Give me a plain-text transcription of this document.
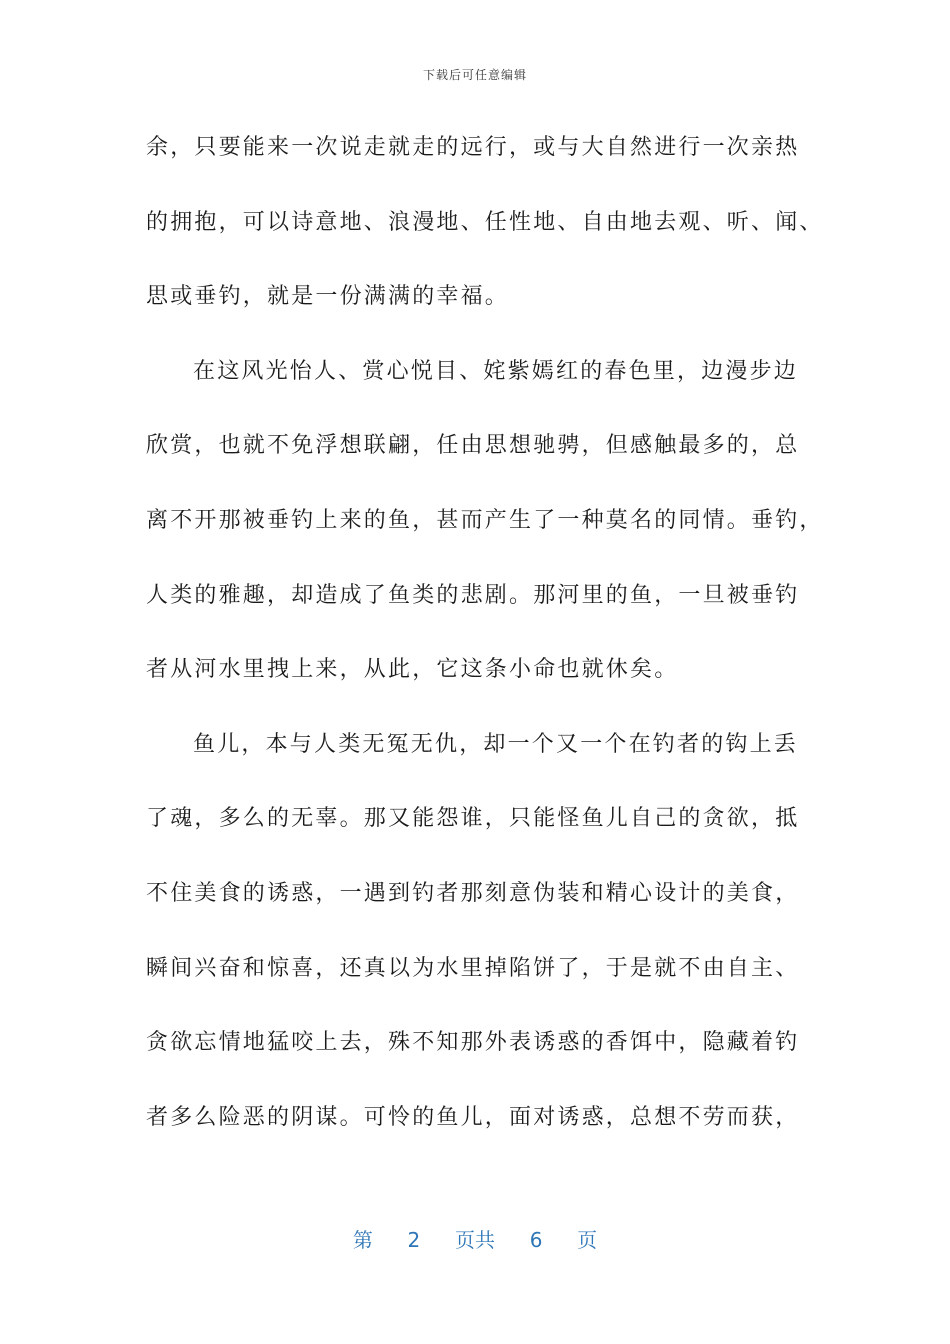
下载后可任意编辑
余，只要能来一次说走就走的远行，或与大自然进行一次亲热
的拥抱，可以诗意地、浪漫地、任性地、自由地去观、听、闻、
思或垂钓，就是一份满满的幸福。
在这风光怡人、赏心悦目、姹紫嫣红的春色里，边漫步边
欣赏，也就不免浮想联翩，任由思想驰骋，但感触最多的，总
离不开那被垂钓上来的鱼，甚而产生了一种莫名的同情。垂钓，
人类的雅趣，却造成了鱼类的悲剧。那河里的鱼，一旦被垂钓
者从河水里拽上来，从此，它这条小命也就休矣。
鱼儿，本与人类无冤无仇，却一个又一个在钓者的钩上丢
了魂，多么的无辜。那又能怨谁，只能怪鱼儿自己的贪欲，抵
不住美食的诱惑，一遇到钓者那刻意伪装和精心设计的美食，
瞬间兴奋和惊喜，还真以为水里掉陷饼了，于是就不由自主、
贪欲忘情地猛咬上去，殊不知那外表诱惑的香饵中，隐藏着钓
者多么险恶的阴谋。可怜的鱼儿，面对诱惑，总想不劳而获，
第 2 页共 6 页
